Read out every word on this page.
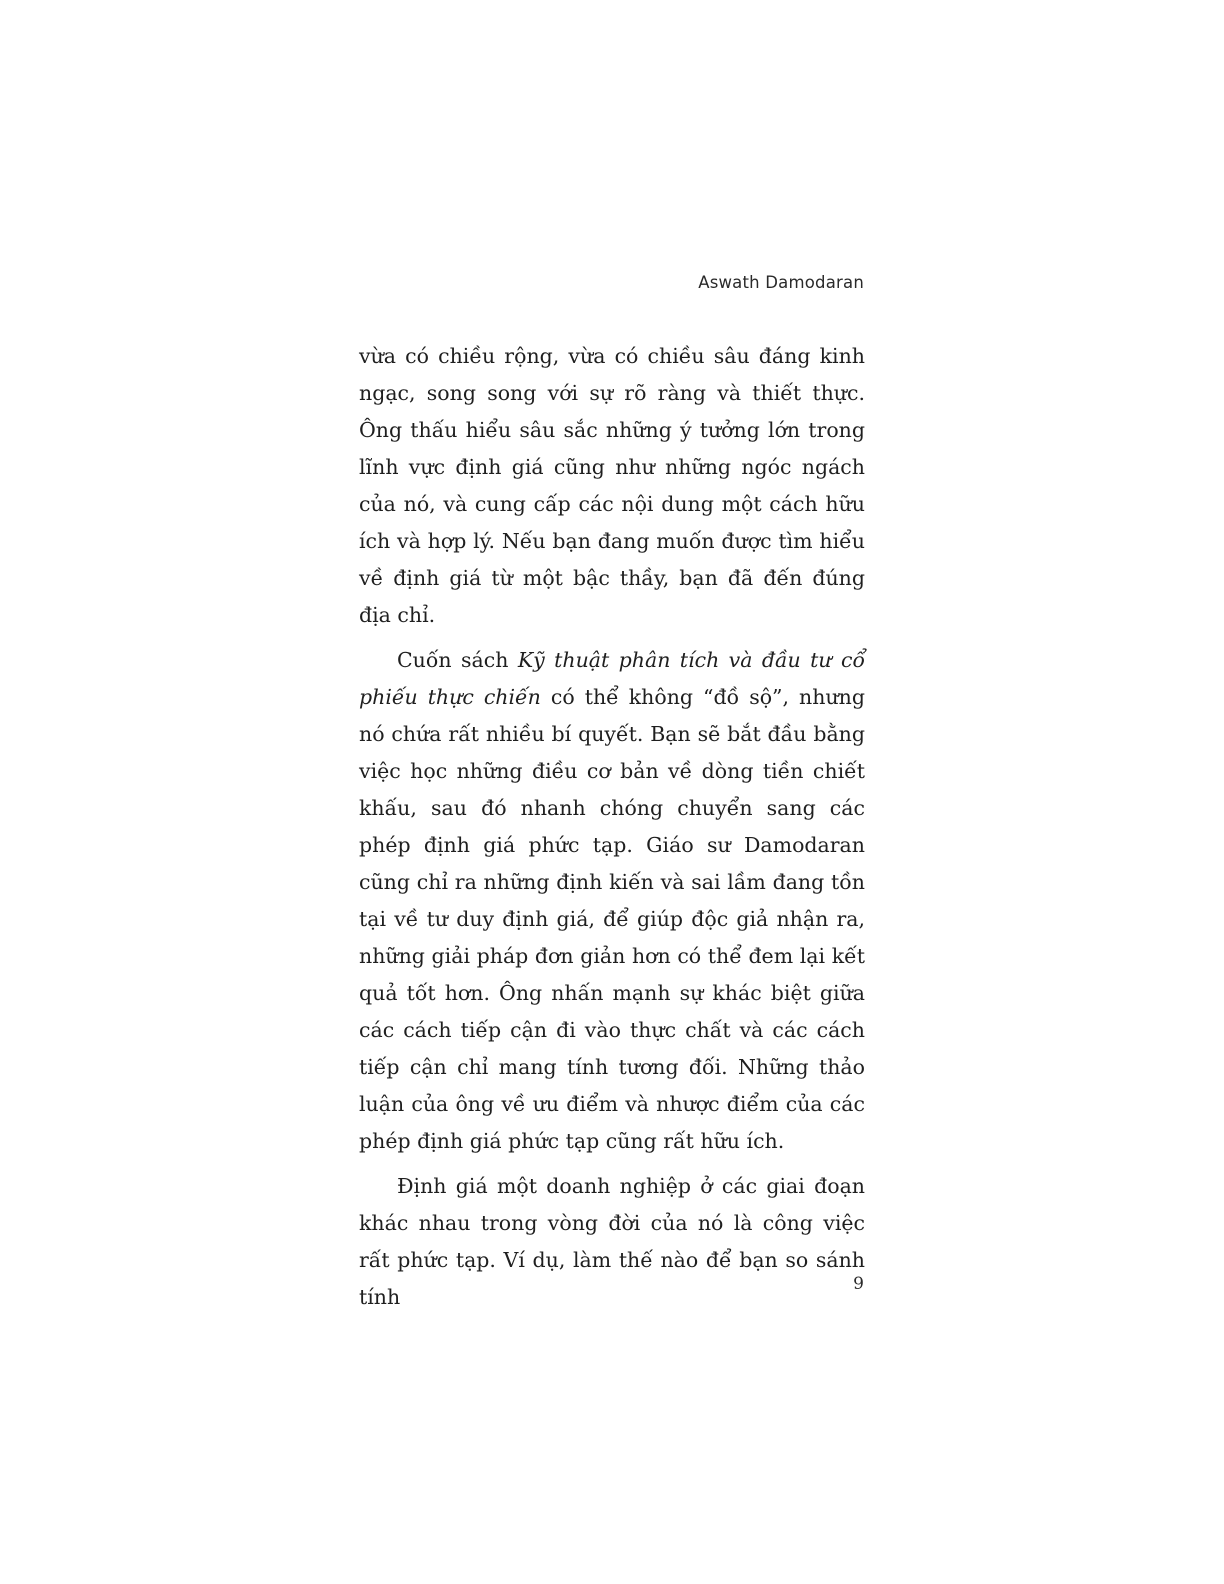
Aswath Damodaran

vừa có chiều rộng, vừa có chiều sâu đáng kinh ngạc, song song với sự rõ ràng và thiết thực. Ông thấu hiểu sâu sắc những ý tưởng lớn trong lĩnh vực định giá cũng như những ngóc ngách của nó, và cung cấp các nội dung một cách hữu ích và hợp lý. Nếu bạn đang muốn được tìm hiểu về định giá từ một bậc thầy, bạn đã đến đúng địa chỉ.

Cuốn sách Kỹ thuật phân tích và đầu tư cổ phiếu thực chiến có thể không “đồ sộ”, nhưng nó chứa rất nhiều bí quyết. Bạn sẽ bắt đầu bằng việc học những điều cơ bản về dòng tiền chiết khấu, sau đó nhanh chóng chuyển sang các phép định giá phức tạp. Giáo sư Damodaran cũng chỉ ra những định kiến và sai lầm đang tồn tại về tư duy định giá, để giúp độc giả nhận ra, những giải pháp đơn giản hơn có thể đem lại kết quả tốt hơn. Ông nhấn mạnh sự khác biệt giữa các cách tiếp cận đi vào thực chất và các cách tiếp cận chỉ mang tính tương đối. Những thảo luận của ông về ưu điểm và nhược điểm của các phép định giá phức tạp cũng rất hữu ích.

Định giá một doanh nghiệp ở các giai đoạn khác nhau trong vòng đời của nó là công việc rất phức tạp. Ví dụ, làm thế nào để bạn so sánh tính

9
